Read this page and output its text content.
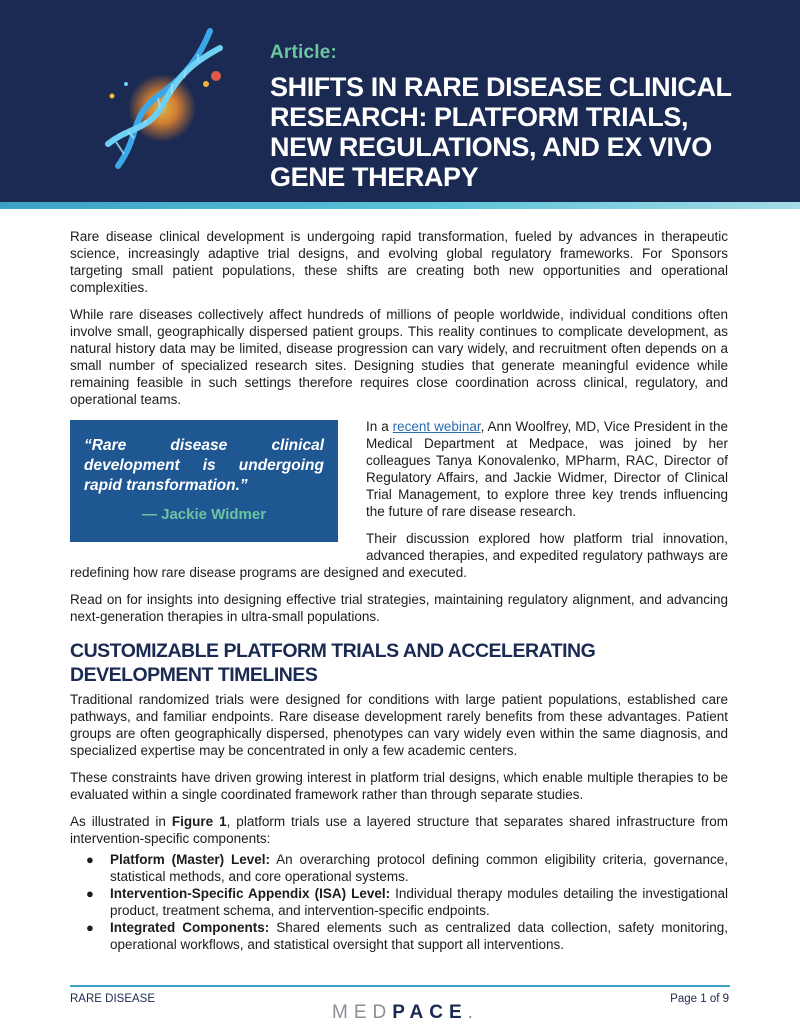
Article:

SHIFTS IN RARE DISEASE CLINICAL RESEARCH: PLATFORM TRIALS, NEW REGULATIONS, AND EX VIVO GENE THERAPY

Rare disease clinical development is undergoing rapid transformation, fueled by advances in therapeutic science, increasingly adaptive trial designs, and evolving global regulatory frameworks. For Sponsors targeting small patient populations, these shifts are creating both new opportunities and operational complexities.

While rare diseases collectively affect hundreds of millions of people worldwide, individual conditions often involve small, geographically dispersed patient groups. This reality continues to complicate development, as natural history data may be limited, disease progression can vary widely, and recruitment often depends on a small number of specialized research sites. Designing studies that generate meaningful evidence while remaining feasible in such settings therefore requires close coordination across clinical, regulatory, and operational teams.

“Rare disease clinical development is undergoing rapid transformation.”

— Jackie Widmer

In a recent webinar, Ann Woolfrey, MD, Vice President in the Medical Department at Medpace, was joined by her colleagues Tanya Konovalenko, MPharm, RAC, Director of Regulatory Affairs, and Jackie Widmer, Director of Clinical Trial Management, to explore three key trends influencing the future of rare disease research.

Their discussion explored how platform trial innovation, advanced therapies, and expedited regulatory pathways are redefining how rare disease programs are designed and executed.

Read on for insights into designing effective trial strategies, maintaining regulatory alignment, and advancing next-generation therapies in ultra-small populations.

CUSTOMIZABLE PLATFORM TRIALS AND ACCELERATING DEVELOPMENT TIMELINES

Traditional randomized trials were designed for conditions with large patient populations, established care pathways, and familiar endpoints. Rare disease development rarely benefits from these advantages. Patient groups are often geographically dispersed, phenotypes can vary widely even within the same diagnosis, and specialized expertise may be concentrated in only a few academic centers.

These constraints have driven growing interest in platform trial designs, which enable multiple therapies to be evaluated within a single coordinated framework rather than through separate studies.

As illustrated in Figure 1, platform trials use a layered structure that separates shared infrastructure from intervention-specific components:

● Platform (Master) Level: An overarching protocol defining common eligibility criteria, governance, statistical methods, and core operational systems.
● Intervention-Specific Appendix (ISA) Level: Individual therapy modules detailing the investigational product, treatment schema, and intervention-specific endpoints.
● Integrated Components: Shared elements such as centralized data collection, safety monitoring, operational workflows, and statistical oversight that support all interventions.
RARE DISEASE	Page 1 of 9
MEDPACE.
